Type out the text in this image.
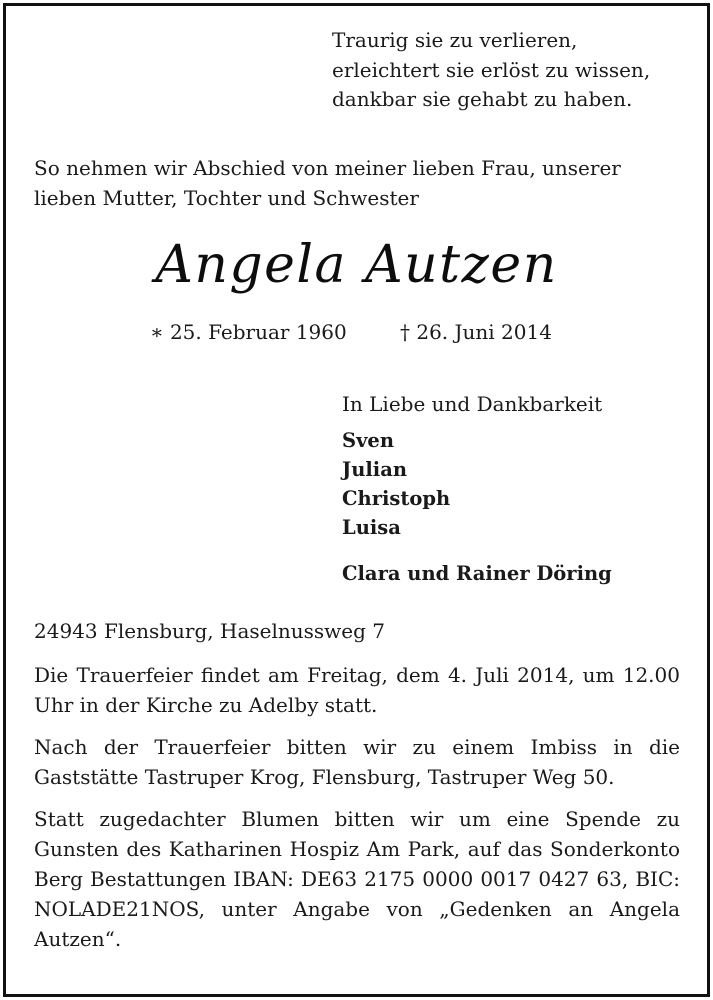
Traurig sie zu verlieren,
erleichtert sie erlöst zu wissen,
dankbar sie gehabt zu haben.
So nehmen wir Abschied von meiner lieben Frau, unserer
lieben Mutter, Tochter und Schwester
Angela Autzen
∗ 25. Februar 1960	† 26. Juni 2014
In Liebe und Dankbarkeit
Sven
Julian
Christoph
Luisa
Clara und Rainer Döring
24943 Flensburg, Haselnussweg 7
Die Trauerfeier findet am Freitag, dem 4. Juli 2014, um 12.00 Uhr in der Kirche zu Adelby statt.
Nach der Trauerfeier bitten wir zu einem Imbiss in die Gaststätte Tastruper Krog, Flensburg, Tastruper Weg 50.
Statt zugedachter Blumen bitten wir um eine Spende zu Gunsten des Katharinen Hospiz Am Park, auf das Sonderkonto Berg Bestattungen IBAN: DE63 2175 0000 0017 0427 63, BIC: NOLADE21NOS, unter Angabe von „Gedenken an Angela Autzen“.
